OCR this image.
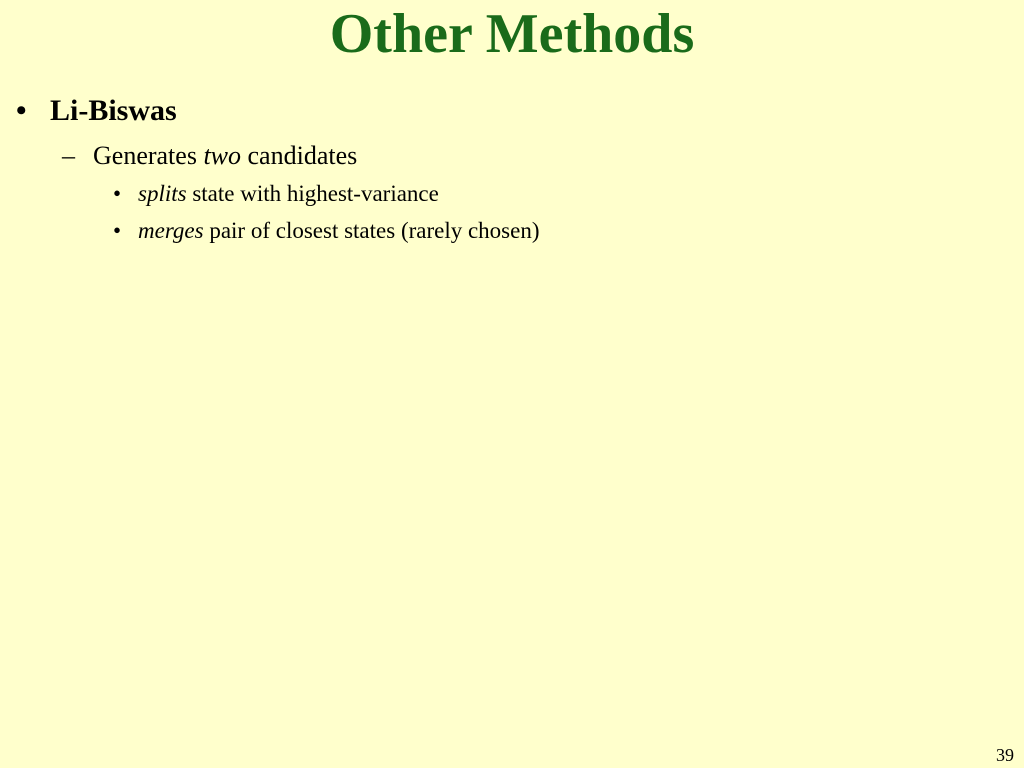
Other Methods
• Li-Biswas
– Generates two candidates
• splits state with highest-variance
• merges pair of closest states (rarely chosen)
39
